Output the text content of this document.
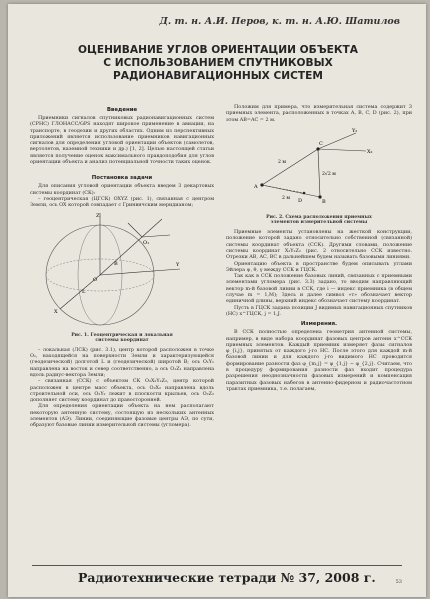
Д. т. н. А.И. Перов, к. т. н. А.Ю. Шатилов
ОЦЕНИВАНИЕ УГЛОВ ОРИЕНТАЦИИ ОБЪЕКТА
С ИСПОЛЬЗОВАНИЕМ СПУТНИКОВЫХ
РАДИОНАВИГАЦИОННЫХ СИСТЕМ
Введение

Приемники сигналов спутниковых радионавигационных систем (СРНС) ГЛОНАСС/GPS находят широкое применение в авиации, на транспорте, в геодезии и других областях. Одним из перспективных приложений является использование приемников навигационных сигналов для определения угловой ориентации объектов (самолетов, вертолетов, наземной техники и др.) [1, 2]. Целью настоящей статьи является получение оценок максимального правдоподобия для углов ориентации объекта и анализ потенциальной точности таких оценок.

Постановка задачи

Для описания угловой ориентации объекта введем 3 декартовых системы координат (СК):

– геоцентрическая (ЦГСК) OXYZ (рис. 1), связанная с центром Земли, ось OX которой совпадает с Гринвичским меридианом;

Z
Y
X
O
O₁
L
B
Рис. 1. Геоцентрическая и локальная
системы координат

– локальная (ЛСК) (рис. 3.1), центр которой расположен в точке O₁, находящейся на поверхности Земли и характеризующейся (геодезической) долготой L и (геодезической) широтой B; ось O₁Y₁ направлена на восток и север соответственно, а ось O₁Z₁ направлена вдоль радиус-вектора Земли;

– связанная (ССК) с объектом СК O₂X₂Y₂Z₂, центр которой расположен в центре масс объекта, ось O₂X₂ направлена вдоль строительной оси, ось O₂Y₂ лежит в плоскости крыльев, ось O₂Z₂ дополняет систему координат до правосторонней.

Для определения ориентации объекта на нем располагают некоторую антенную систему, состоящую из нескольких антенных элементов (АЭ). Линии, соединяющие фазовые центры АЭ, по сути, образуют базовые линии измерительной системы (угломера).

Положим для примера, что измерительная система содержит 3 приемных элемента, расположенных в точках A, B, C, D (рис. 2), при этом AB=AC = 2 м.

Y₂
X₂
C
D
A
B
2 м
2√2 м
2 м
Рис. 2. Схема расположения приемных
элементов измерительной системы

Приемные элементы установлены на жесткой конструкции, положение которой задано относительно собственной (связанной) системы координат объекта (ССК). Другими словами, положение системы координат X₂Y₂Z₂ (рис. 2 относительно ССК известно. Отрезки AB, AC, BC в дальнейшем будем называть базовыми линиями.

Ориентацию объекта в пространстве будем описывать углами Эйлера ψ, θ, γ между ССК и ГЦСК.

Так как в ССК положение базовых линий, связанных с приемными элементами угломера (рис. 3.3) задано, то вводим направляющий вектор m-й базовой линии в ССК, где i — индекс приемника (в общем случае m = 1,M); Здесь и далее символ «т» обозначает вектор единичной длины, верхний индекс обозначает систему координат.

Пусть в ГЦСК задана позиции J видимых навигационных спутников (НС) x^ГЦСК, j = 1,J.

Измерения.

В ССК полностью определена геометрия антенной системы, например, в виде набора координат фазовых центров антенн x^ССК приемных элементов. Каждый приемник измеряет фазы сигналов φ_{i,j}, принятых от каждого j-го НС. После этого для каждой m-й базовой линии и для каждого j-го видимого НС проводится формирование разности фаз φ_{m,j} = φ_{1,j} − φ_{2,j}. Считаем, что в процедуру формирования разности фаз входит процедура разрешения неоднозначности фазовых измерений и компенсация паразитных фазовых набегов в антенно-фидерном и радиочастотном трактах приемника, т.е. полагаем,

Радиотехнические тетради № 37, 2008 г.	53
